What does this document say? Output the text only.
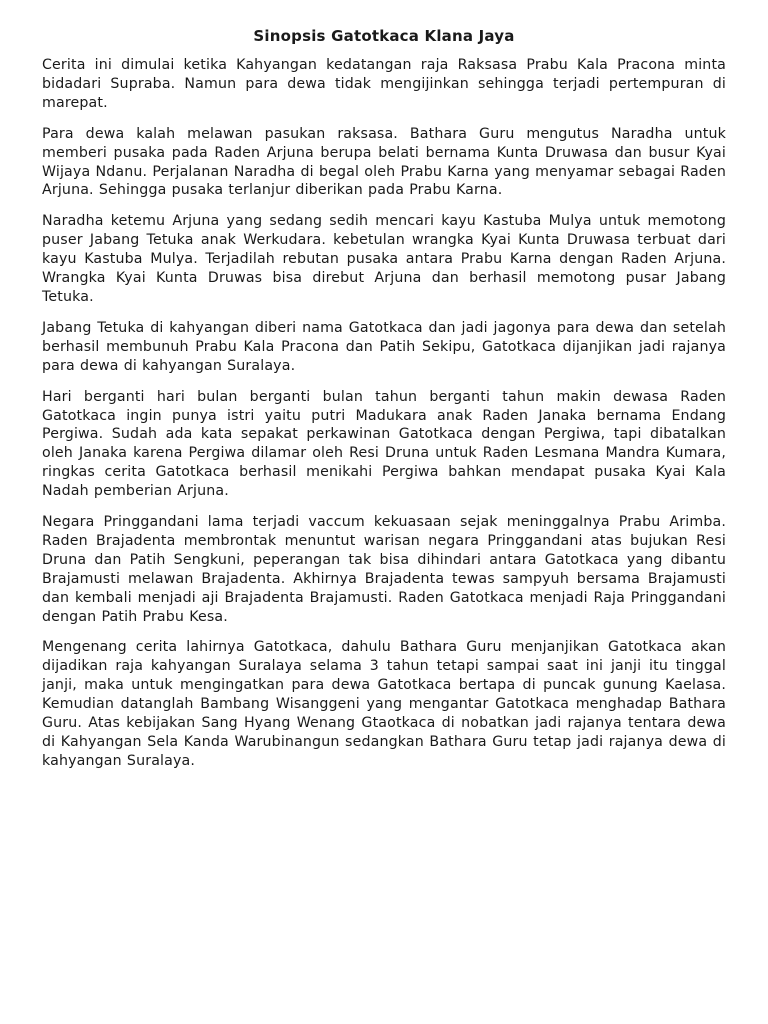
Sinopsis Gatotkaca Klana Jaya

Cerita ini dimulai ketika Kahyangan kedatangan raja Raksasa Prabu Kala Pracona minta bidadari Supraba. Namun para dewa tidak mengijinkan sehingga terjadi pertempuran di marepat.

Para dewa kalah melawan pasukan raksasa. Bathara Guru mengutus Naradha untuk memberi pusaka pada Raden Arjuna berupa belati bernama Kunta Druwasa dan busur Kyai Wijaya Ndanu. Perjalanan Naradha di begal oleh Prabu Karna yang menyamar sebagai Raden Arjuna. Sehingga pusaka terlanjur diberikan pada Prabu Karna.

Naradha ketemu Arjuna yang sedang sedih mencari kayu Kastuba Mulya untuk memotong puser Jabang Tetuka anak Werkudara. kebetulan wrangka Kyai Kunta Druwasa terbuat dari kayu Kastuba Mulya. Terjadilah rebutan pusaka antara Prabu Karna dengan Raden Arjuna. Wrangka Kyai Kunta Druwas bisa direbut Arjuna dan berhasil memotong pusar Jabang Tetuka.

Jabang Tetuka di kahyangan diberi nama Gatotkaca dan jadi jagonya para dewa dan setelah berhasil membunuh Prabu Kala Pracona dan Patih Sekipu, Gatotkaca dijanjikan jadi rajanya para dewa di kahyangan Suralaya.

Hari berganti hari bulan berganti bulan tahun berganti tahun makin dewasa Raden Gatotkaca ingin punya istri yaitu putri Madukara anak Raden Janaka bernama Endang Pergiwa. Sudah ada kata sepakat perkawinan Gatotkaca dengan Pergiwa, tapi dibatalkan oleh Janaka karena Pergiwa dilamar oleh Resi Druna untuk Raden Lesmana Mandra Kumara, ringkas cerita Gatotkaca berhasil menikahi Pergiwa bahkan mendapat pusaka Kyai Kala Nadah pemberian Arjuna.

Negara Pringgandani lama terjadi vaccum kekuasaan sejak meninggalnya Prabu Arimba. Raden Brajadenta membrontak menuntut warisan negara Pringgandani atas bujukan Resi Druna dan Patih Sengkuni, peperangan tak bisa dihindari antara Gatotkaca yang dibantu Brajamusti melawan Brajadenta. Akhirnya Brajadenta tewas sampyuh bersama Brajamusti dan kembali menjadi aji Brajadenta Brajamusti. Raden Gatotkaca menjadi Raja Pringgandani dengan Patih Prabu Kesa.

Mengenang cerita lahirnya Gatotkaca, dahulu Bathara Guru menjanjikan Gatotkaca akan dijadikan raja kahyangan Suralaya selama 3 tahun tetapi sampai saat ini janji itu tinggal janji, maka untuk mengingatkan para dewa Gatotkaca bertapa di puncak gunung Kaelasa. Kemudian datanglah Bambang Wisanggeni yang mengantar Gatotkaca menghadap Bathara Guru. Atas kebijakan Sang Hyang Wenang Gtaotkaca di nobatkan jadi rajanya tentara dewa di Kahyangan Sela Kanda Warubinangun sedangkan Bathara Guru tetap jadi rajanya dewa di kahyangan Suralaya.
